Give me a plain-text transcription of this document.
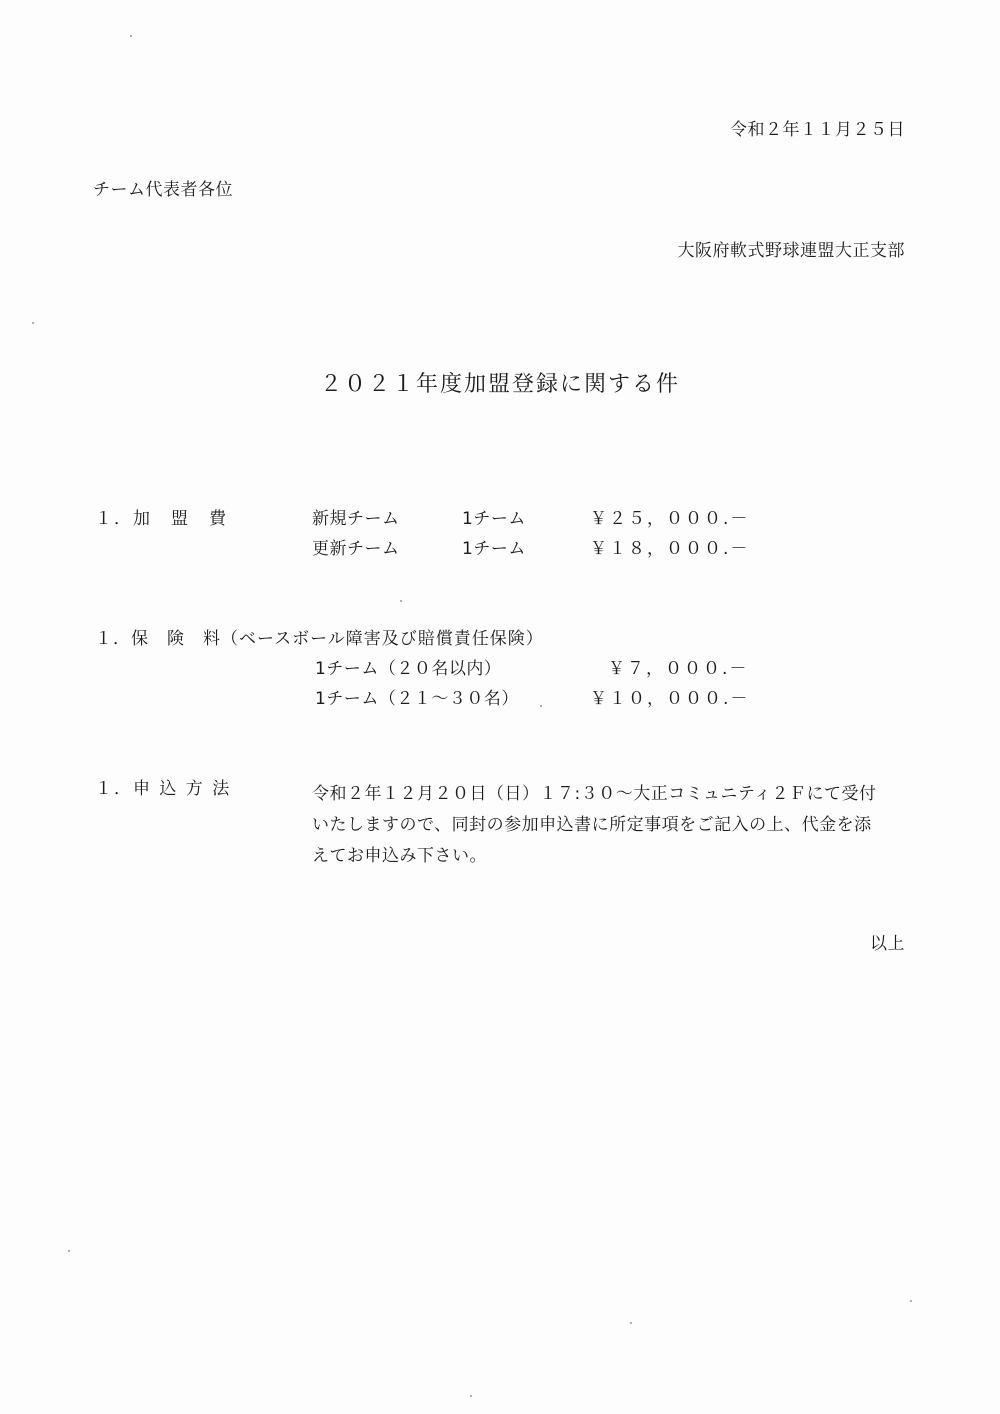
令和２年１１月２５日
チーム代表者各位
大阪府軟式野球連盟大正支部
２０２１年度加盟登録に関する件
１．加　盟　費	新規チーム	1チーム	￥２５，０００.－
更新チーム	1チーム	￥１８，０００.－
１．保　険　料（ベースボール障害及び賠償責任保険）
1チーム（２０名以内）	￥７，０００.－
1チーム（２１～３０名）	￥１０，０００.－
１．申 込 方 法	令和２年１２月２０日（日）１７:３０～大正コミュニティ２Ｆにて受付
いたしますので、同封の参加申込書に所定事項をご記入の上、代金を添
えてお申込み下さい。
以上
